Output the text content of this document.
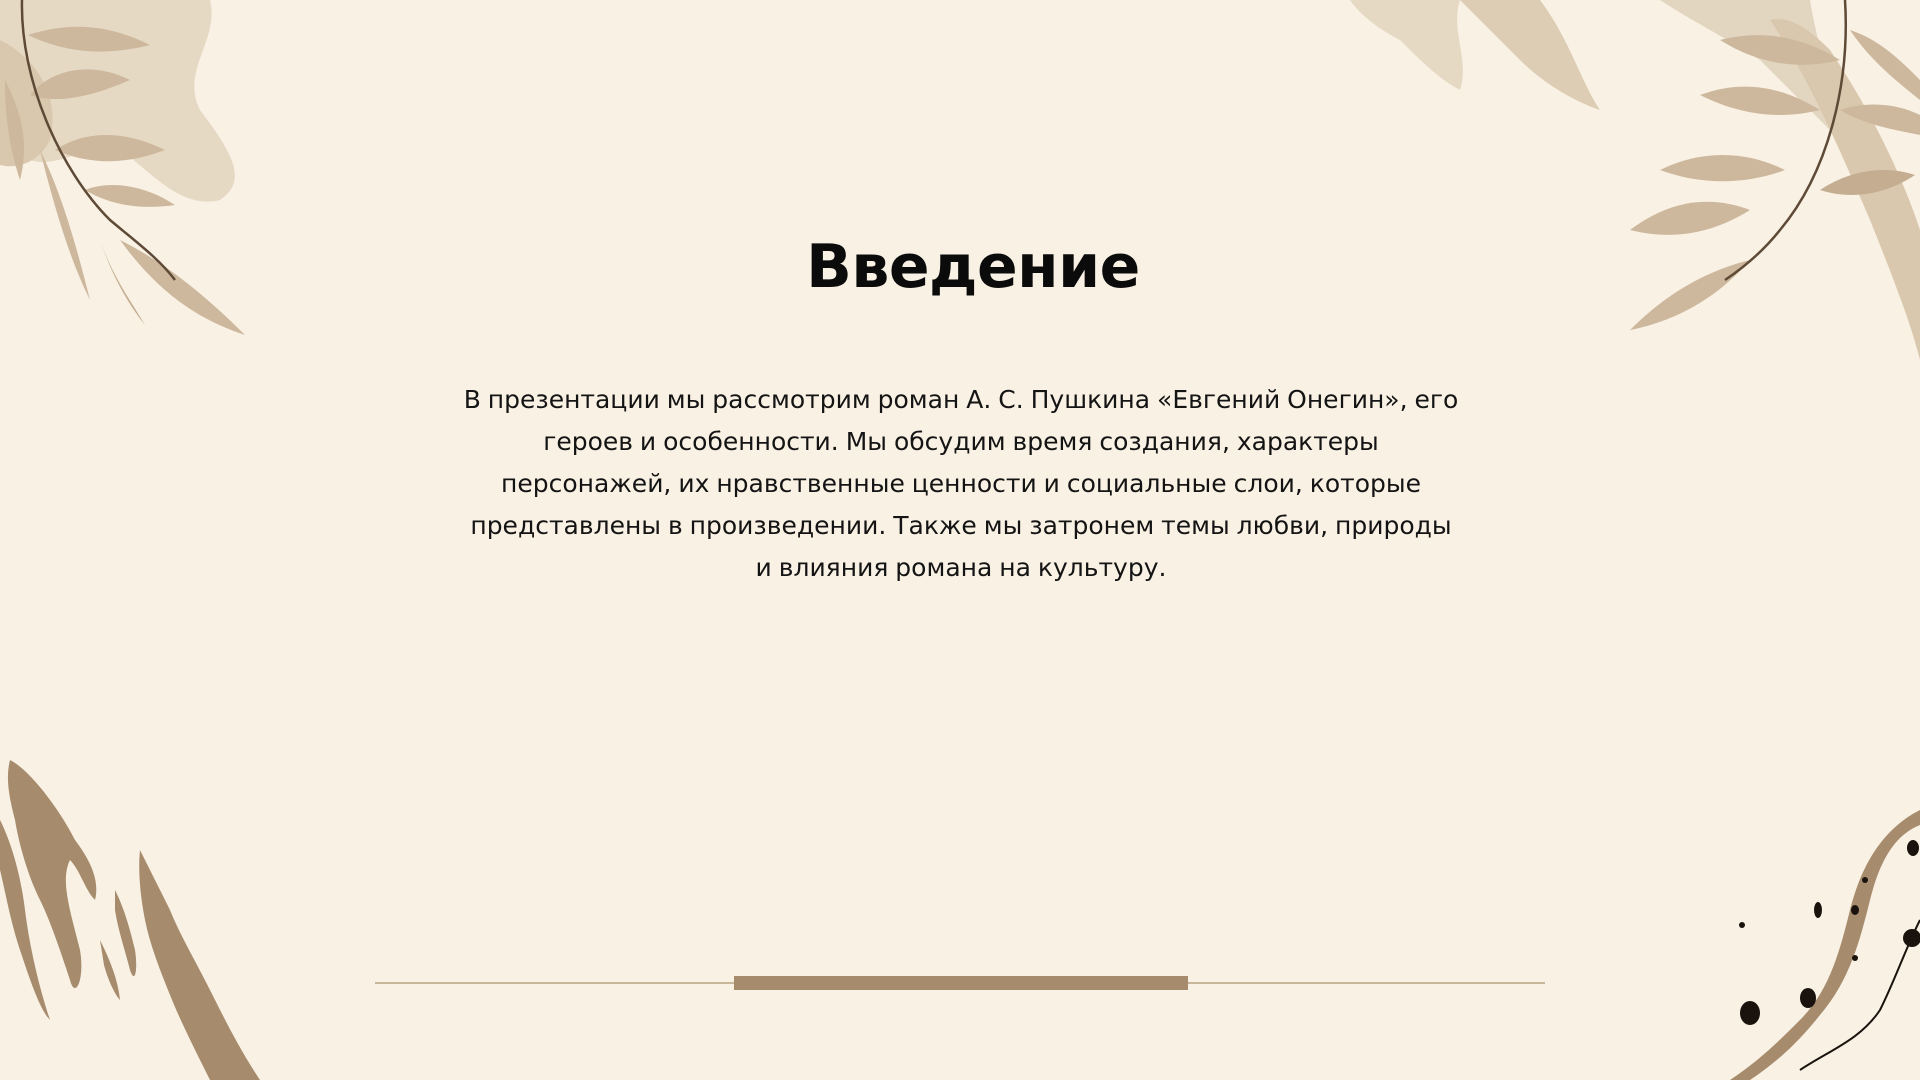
Введение
В презентации мы рассмотрим роман А. С. Пушкина «Евгений Онегин», его героев и особенности. Мы обсудим время создания, характеры персонажей, их нравственные ценности и социальные слои, которые представлены в произведении. Также мы затронем темы любви, природы и влияния романа на культуру.
